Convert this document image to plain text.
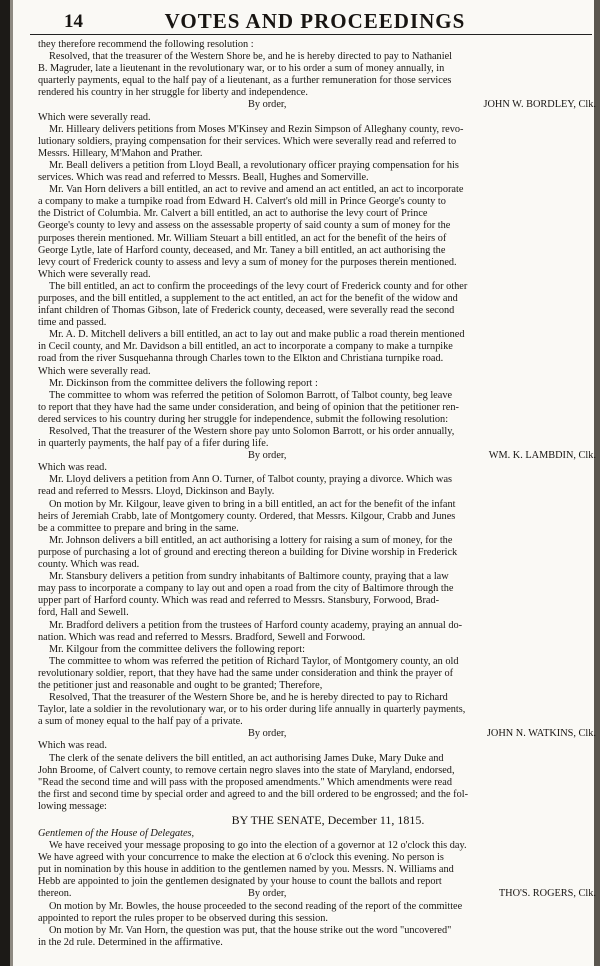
14	VOTES AND PROCEEDINGS
they therefore recommend the following resolution :
Resolved, that the treasurer of the Western Shore be, and he is hereby directed to pay to Nathaniel
B. Magruder, late a lieutenant in the revolutionary war, or to his order a sum of money annually, in
quarterly payments, equal to the half pay of a lieutenant, as a further remuneration for those services
rendered his country in her struggle for liberty and independence.
By order,	JOHN W. BORDLEY, Clk.
Which were severally read.
Mr. Hilleary delivers petitions from Moses M'Kinsey and Rezin Simpson of Alleghany county, revo-
lutionary soldiers, praying compensation for their services. Which were severally read and referred to
Messrs. Hilleary, M'Mahon and Prather.
Mr. Beall delivers a petition from Lloyd Beall, a revolutionary officer praying compensation for his
services. Which was read and referred to Messrs. Beall, Hughes and Somerville.
Mr. Van Horn delivers a bill entitled, an act to revive and amend an act entitled, an act to incorporate
a company to make a turnpike road from Edward H. Calvert's old mill in Prince George's county to
the District of Columbia. Mr. Calvert a bill entitled, an act to authorise the levy court of Prince
George's county to levy and assess on the assessable property of said county a sum of money for the
purposes therein mentioned. Mr. William Steuart a bill entitled, an act for the benefit of the heirs of
George Lytle, late of Harford county, deceased, and Mr. Taney a bill entitled, an act authorising the
levy court of Frederick county to assess and levy a sum of money for the purposes therein mentioned.
Which were severally read.
The bill entitled, an act to confirm the proceedings of the levy court of Frederick county and for other
purposes, and the bill entitled, a supplement to the act entitled, an act for the benefit of the widow and
infant children of Thomas Gibson, late of Frederick county, deceased, were severally read the second
time and passed.
Mr. A. D. Mitchell delivers a bill entitled, an act to lay out and make public a road therein mentioned
in Cecil county, and Mr. Davidson a bill entitled, an act to incorporate a company to make a turnpike
road from the river Susquehanna through Charles town to the Elkton and Christiana turnpike road.
Which were severally read.
Mr. Dickinson from the committee delivers the following report :
The committee to whom was referred the petition of Solomon Barrott, of Talbot county, beg leave
to report that they have had the same under consideration, and being of opinion that the petitioner ren-
dered services to his country during her struggle for independence, submit the following resolution:
Resolved, That the treasurer of the Western shore pay unto Solomon Barrott, or his order annually,
in quarterly payments, the half pay of a fifer during life.
By order,	WM. K. LAMBDIN, Clk.
Which was read.
Mr. Lloyd delivers a petition from Ann O. Turner, of Talbot county, praying a divorce. Which was
read and referred to Messrs. Lloyd, Dickinson and Bayly.
On motion by Mr. Kilgour, leave given to bring in a bill entitled, an act for the benefit of the infant
heirs of Jeremiah Crabb, late of Montgomery county. Ordered, that Messrs. Kilgour, Crabb and Junes
be a committee to prepare and bring in the same.
Mr. Johnson delivers a bill entitled, an act authorising a lottery for raising a sum of money, for the
purpose of purchasing a lot of ground and erecting thereon a building for Divine worship in Frederick
county. Which was read.
Mr. Stansbury delivers a petition from sundry inhabitants of Baltimore county, praying that a law
may pass to incorporate a company to lay out and open a road from the city of Baltimore through the
upper part of Harford county. Which was read and referred to Messrs. Stansbury, Forwood, Brad-
ford, Hall and Sewell.
Mr. Bradford delivers a petition from the trustees of Harford county academy, praying an annual do-
nation. Which was read and referred to Messrs. Bradford, Sewell and Forwood.
Mr. Kilgour from the committee delivers the following report:
The committee to whom was referred the petition of Richard Taylor, of Montgomery county, an old
revolutionary soldier, report, that they have had the same under consideration and think the prayer of
the petitioner just and reasonable and ought to be granted; Therefore,
Resolved, That the treasurer of the Western Shore be, and he is hereby directed to pay to Richard
Taylor, late a soldier in the revolutionary war, or to his order during life annually in quarterly payments,
a sum of money equal to the half pay of a private.
By order,	JOHN N. WATKINS, Clk.
Which was read.
The clerk of the senate delivers the bill entitled, an act authorising James Duke, Mary Duke and
John Broome, of Calvert county, to remove certain negro slaves into the state of Maryland, endorsed,
"Read the second time and will pass with the proposed amendments." Which amendments were read
the first and second time by special order and agreed to and the bill ordered to be engrossed; and the fol-
lowing message:
BY THE SENATE, December 11, 1815.
Gentlemen of the House of Delegates,
We have received your message proposing to go into the election of a governor at 12 o'clock this day.
We have agreed with your concurrence to make the election at 6 o'clock this evening. No person is
put in nomination by this house in addition to the gentlemen named by you. Messrs. N. Williams and
Hebb are appointed to join the gentlemen designated by your house to count the ballots and report
thereon.	By order,	THO'S. ROGERS, Clk.
On motion by Mr. Bowles, the house proceeded to the second reading of the report of the committee
appointed to report the rules proper to be observed during this session.
On motion by Mr. Van Horn, the question was put, that the house strike out the word "uncovered"
in the 2d rule. Determined in the affirmative.
